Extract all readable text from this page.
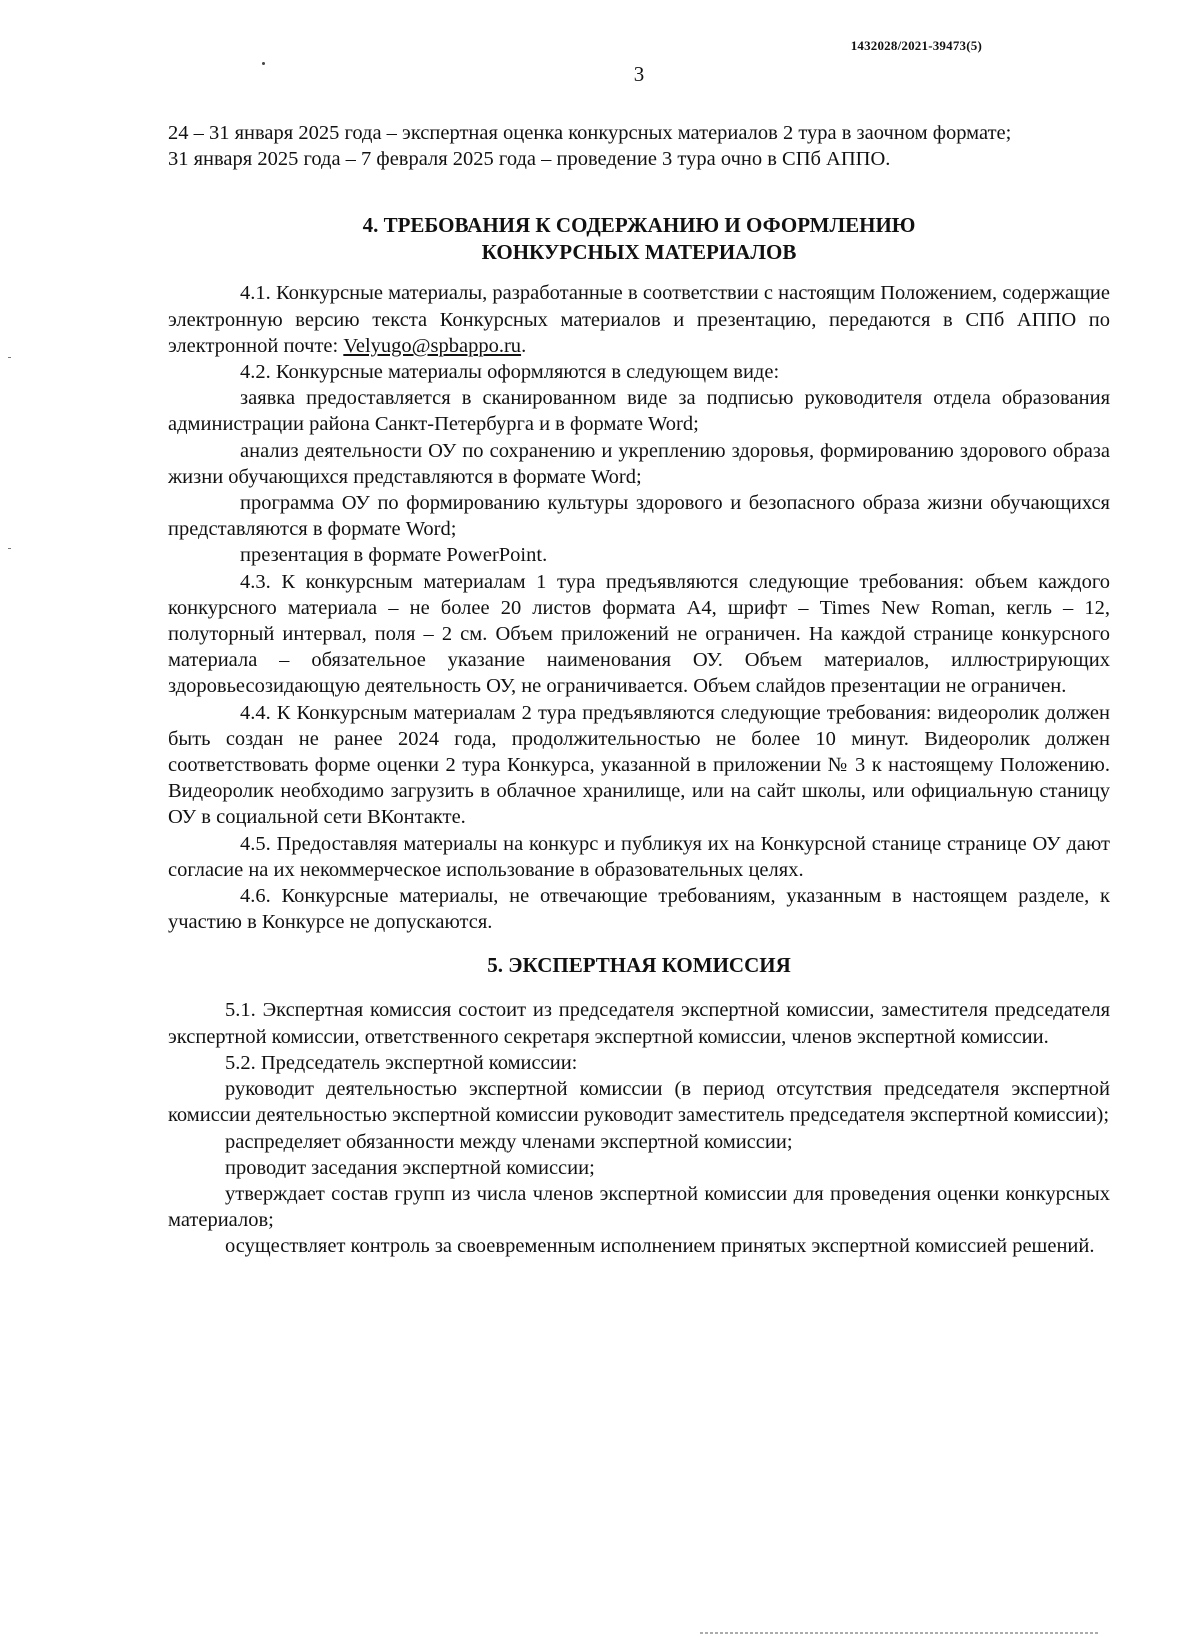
1432028/2021-39473(5)
3

24 – 31 января 2025 года – экспертная оценка конкурсных материалов 2 тура в заочном формате;

31 января 2025 года – 7 февраля 2025 года – проведение 3 тура очно в СПб АППО.

4. ТРЕБОВАНИЯ К СОДЕРЖАНИЮ И ОФОРМЛЕНИЮ
КОНКУРСНЫХ МАТЕРИАЛОВ

4.1. Конкурсные материалы, разработанные в соответствии с настоящим Положением, содержащие электронную версию текста Конкурсных материалов и презентацию, передаются в СПб АППО по электронной почте: Velyugo@spbappo.ru.

4.2. Конкурсные материалы оформляются в следующем виде:

заявка предоставляется в сканированном виде за подписью руководителя отдела образования администрации района Санкт-Петербурга и в формате Word;

анализ деятельности ОУ по сохранению и укреплению здоровья, формированию здорового образа жизни обучающихся представляются в формате Word;

программа ОУ по формированию культуры здорового и безопасного образа жизни обучающихся представляются в формате Word;

презентация в формате PowerPoint.

4.3. К конкурсным материалам 1 тура предъявляются следующие требования: объем каждого конкурсного материала – не более 20 листов формата А4, шрифт – Times New Roman, кегль – 12, полуторный интервал, поля – 2 см. Объем приложений не ограничен. На каждой странице конкурсного материала – обязательное указание наименования ОУ. Объем материалов, иллюстрирующих здоровьесозидающую деятельность ОУ, не ограничивается. Объем слайдов презентации не ограничен.

4.4. К Конкурсным материалам 2 тура предъявляются следующие требования: видеоролик должен быть создан не ранее 2024 года, продолжительностью не более 10 минут. Видеоролик должен соответствовать форме оценки 2 тура Конкурса, указанной в приложении № 3 к настоящему Положению. Видеоролик необходимо загрузить в облачное хранилище, или на сайт школы, или официальную станицу ОУ в социальной сети ВКонтакте.

4.5. Предоставляя материалы на конкурс и публикуя их на Конкурсной станице странице ОУ дают согласие на их некоммерческое использование в образовательных целях.

4.6. Конкурсные материалы, не отвечающие требованиям, указанным в настоящем разделе, к участию в Конкурсе не допускаются.

5. ЭКСПЕРТНАЯ КОМИССИЯ

5.1. Экспертная комиссия состоит из председателя экспертной комиссии, заместителя председателя экспертной комиссии, ответственного секретаря экспертной комиссии, членов экспертной комиссии.

5.2. Председатель экспертной комиссии:

руководит деятельностью экспертной комиссии (в период отсутствия председателя экспертной комиссии деятельностью экспертной комиссии руководит заместитель председателя экспертной комиссии);

распределяет обязанности между членами экспертной комиссии;

проводит заседания экспертной комиссии;

утверждает состав групп из числа членов экспертной комиссии для проведения оценки конкурсных материалов;

осуществляет контроль за своевременным исполнением принятых экспертной комиссией решений.
